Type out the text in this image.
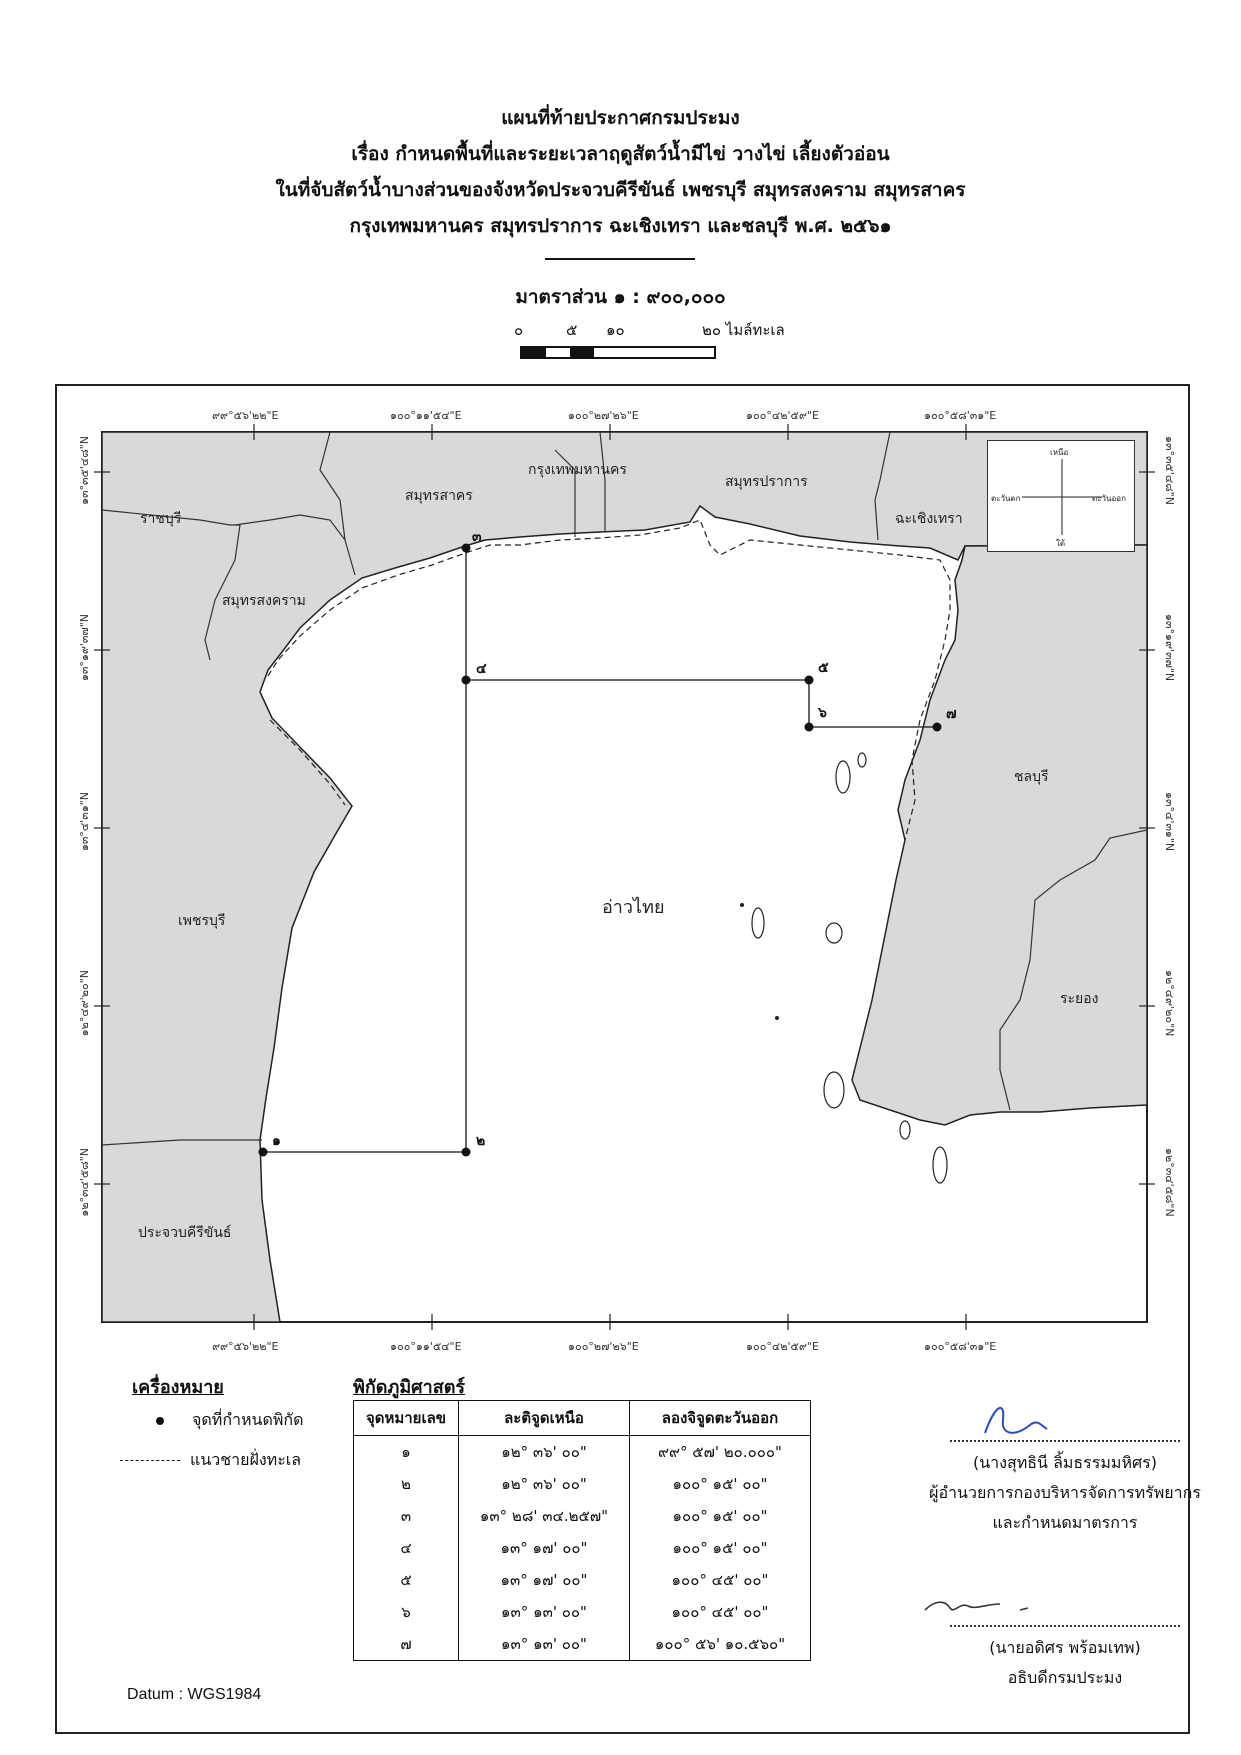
แผนที่ท้ายประกาศกรมประมง

เรื่อง กำหนดพื้นที่และระยะเวลาฤดูสัตว์น้ำมีไข่ วางไข่ เลี้ยงตัวอ่อน

ในที่จับสัตว์น้ำบางส่วนของจังหวัดประจวบคีรีขันธ์ เพชรบุรี สมุทรสงคราม สมุทรสาคร

กรุงเทพมหานคร สมุทรปราการ ฉะเชิงเทรา และชลบุรี พ.ศ. ๒๕๖๑

มาตราส่วน ๑ : ๙๐๐,๐๐๐
๐	๕ ๑๐	๒๐ ไมล์ทะเล
๙๙°๕๖'๒๒"E	๑๐๐°๑๑'๕๔"E	๑๐๐°๒๗'๒๖"E	๑๐๐°๔๒'๕๙"E	๑๐๐°๕๘'๓๑"E
๙๙°๕๖'๒๒"E	๑๐๐°๑๑'๕๔"E	๑๐๐°๒๗'๒๖"E	๑๐๐°๔๒'๕๙"E	๑๐๐°๕๘'๓๑"E
๑๓°๓๕'๔๘"N
๑๓°๑๙'๓๗"N
๑๓°๔'๓๑"N
๑๒°๔๙'๒๐"N
๑๒°๓๔'๕๘"N
๑๓°๓๕'๔๘"N
๑๓°๑๙'๓๗"N
๑๓°๔'๓๑"N
๑๒°๔๙'๒๐"N
๑๒°๓๔'๕๘"N
ราชบุรี
สมุทรสาคร
กรุงเทพมหานคร
สมุทรปราการ
ฉะเชิงเทรา
สมุทรสงคราม
ชลบุรี
อ่าวไทย
เพชรบุรี
ระยอง
ประจวบคีรีขันธ์
๑	๒
๓
๔	๕
๖	๗
เหนือ
ใต้
ตะวันตก	ตะวันออก
เครื่องหมาย
จุดที่กำหนดพิกัด
แนวชายฝั่งทะเล
พิกัดภูมิศาสตร์
จุดหมายเลข	ละติจูดเหนือ	ลองจิจูดตะวันออก
๑	๑๒° ๓๖' ๐๐"	๙๙° ๕๗' ๒๐.๐๐๐"
๒	๑๒° ๓๖' ๐๐"	๑๐๐° ๑๕' ๐๐"
๓	๑๓° ๒๘' ๓๔.๒๕๗"	๑๐๐° ๑๕' ๐๐"
๔	๑๓° ๑๗' ๐๐"	๑๐๐° ๑๕' ๐๐"
๕	๑๓° ๑๗' ๐๐"	๑๐๐° ๔๕' ๐๐"
๖	๑๓° ๑๓' ๐๐"	๑๐๐° ๔๕' ๐๐"
๗	๑๓° ๑๓' ๐๐"	๑๐๐° ๕๖' ๑๐.๕๖๐"
Datum : WGS1984
(นางสุทธินี ลิ้มธรรมมหิศร)
ผู้อำนวยการกองบริหารจัดการทรัพยากร
และกำหนดมาตรการ
(นายอดิศร พร้อมเทพ)
อธิบดีกรมประมง
